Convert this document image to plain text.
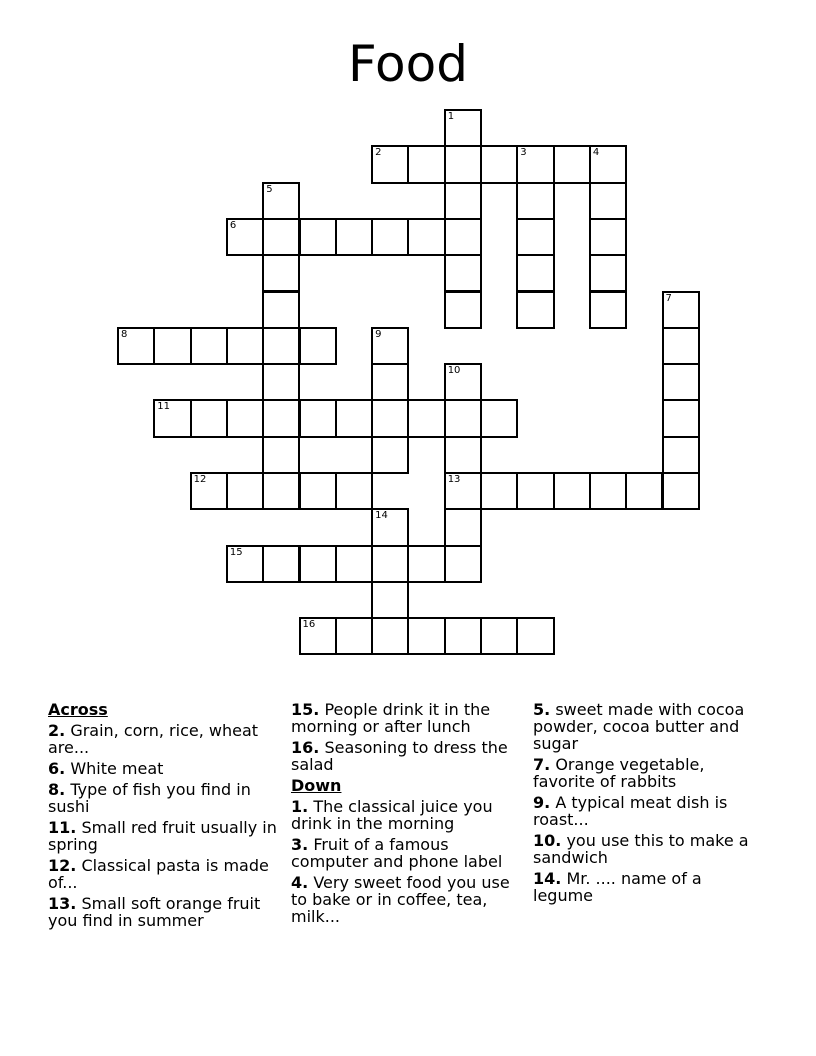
Food
1
2	3	4
5
6
7
8	9
10
13
11
12
14
15
16
Across
2. Grain, corn, rice, wheat are...
6. White meat
8. Type of fish you find in sushi
11. Small red fruit usually in spring
12. Classical pasta is made of...
13. Small soft orange fruit you find in summer
15. People drink it in the morning or after lunch
16. Seasoning to dress the salad
Down
1. The classical juice you drink in the morning
3. Fruit of a famous computer and phone label
4. Very sweet food you use to bake or in coffee, tea, milk...
5. sweet made with cocoa powder, cocoa butter and sugar
7. Orange vegetable, favorite of rabbits
9. A typical meat dish is roast...
10. you use this to make a sandwich
14. Mr. .... name of a legume
